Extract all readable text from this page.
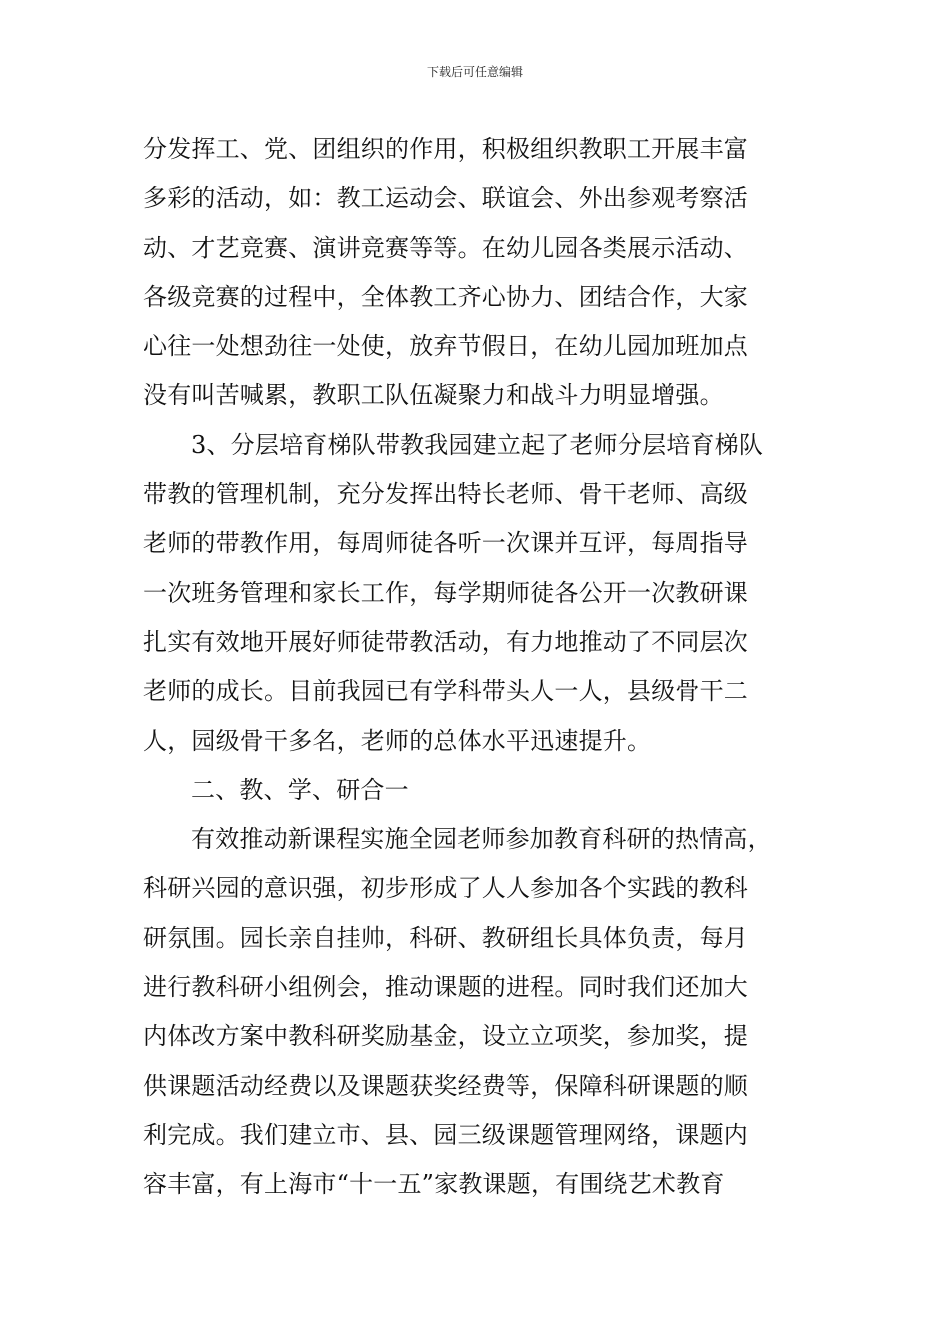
下载后可任意编辑
分发挥工、党、团组织的作用，积极组织教职工开展丰富
多彩的活动，如：教工运动会、联谊会、外出参观考察活
动、才艺竞赛、演讲竞赛等等。在幼儿园各类展示活动、
各级竞赛的过程中，全体教工齐心协力、团结合作，大家
心往一处想劲往一处使，放弃节假日，在幼儿园加班加点
没有叫苦喊累，教职工队伍凝聚力和战斗力明显增强。
3、分层培育梯队带教我园建立起了老师分层培育梯队
带教的管理机制，充分发挥出特长老师、骨干老师、高级
老师的带教作用，每周师徒各听一次课并互评，每周指导
一次班务管理和家长工作，每学期师徒各公开一次教研课
扎实有效地开展好师徒带教活动，有力地推动了不同层次
老师的成长。目前我园已有学科带头人一人，县级骨干二
人，园级骨干多名，老师的总体水平迅速提升。
二、教、学、研合一
有效推动新课程实施全园老师参加教育科研的热情高，
科研兴园的意识强，初步形成了人人参加各个实践的教科
研氛围。园长亲自挂帅，科研、教研组长具体负责，每月
进行教科研小组例会，推动课题的进程。同时我们还加大
内体改方案中教科研奖励基金，设立立项奖，参加奖，提
供课题活动经费以及课题获奖经费等，保障科研课题的顺
利完成。我们建立市、县、园三级课题管理网络，课题内
容丰富，有上海市“十一五”家教课题，有围绕艺术教育
